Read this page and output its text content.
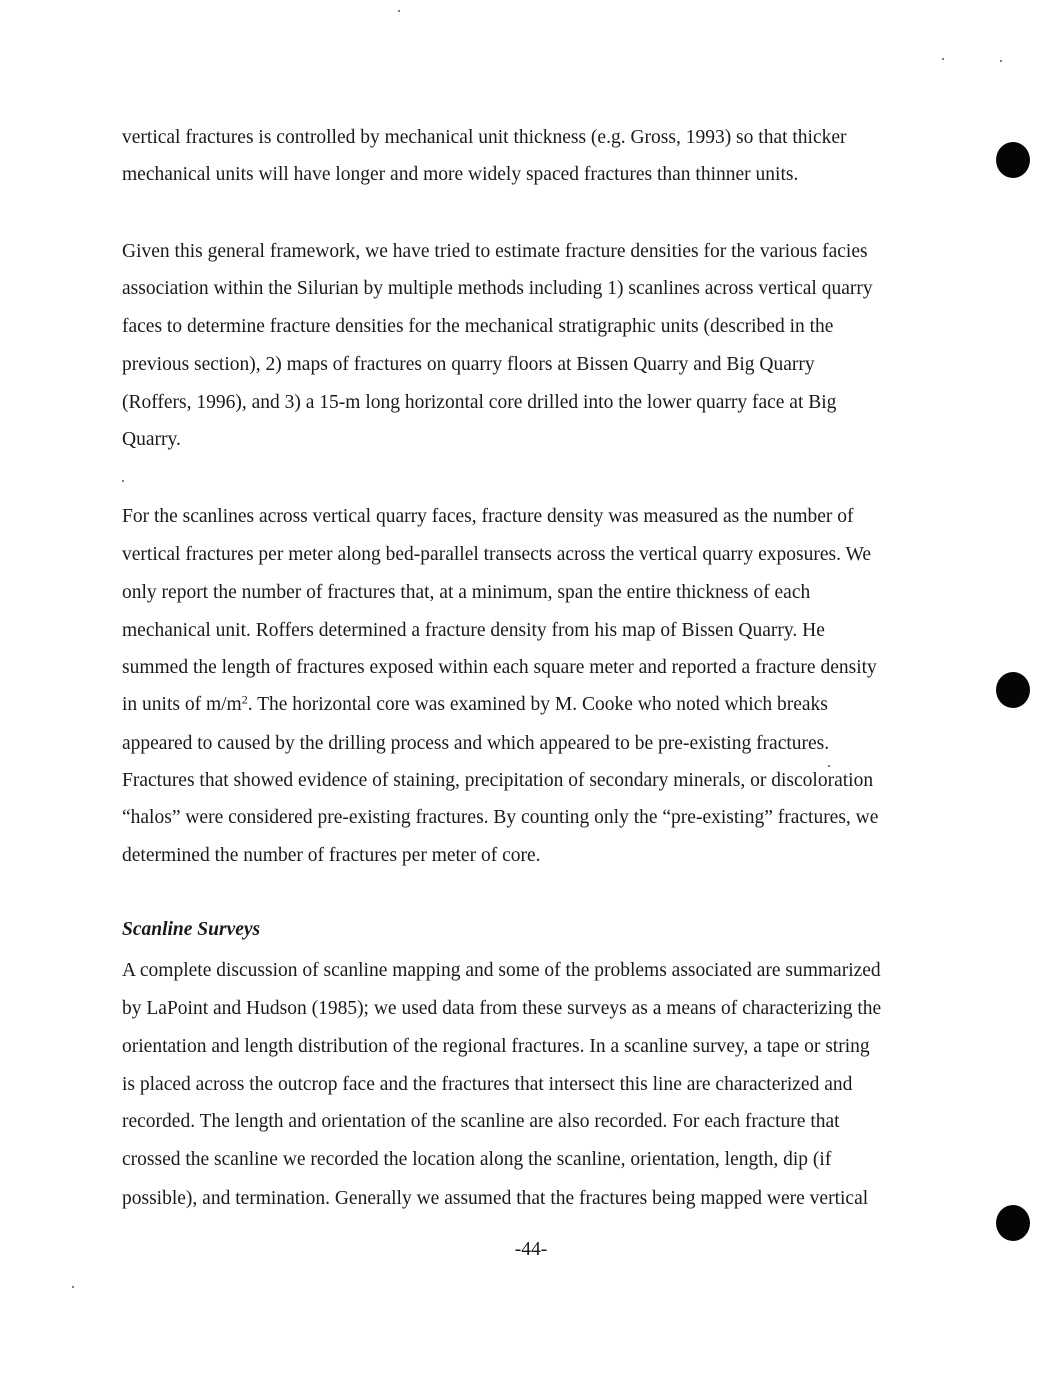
vertical fractures is controlled by mechanical unit thickness (e.g. Gross, 1993) so that thicker
mechanical units will have longer and more widely spaced fractures than thinner units.
Given this general framework, we have tried to estimate fracture densities for the various facies
association within the Silurian by multiple methods including 1) scanlines across vertical quarry
faces to determine fracture densities for the mechanical stratigraphic units (described in the
previous section), 2) maps of fractures on quarry floors at Bissen Quarry and Big Quarry
(Roffers, 1996), and 3) a 15-m long horizontal core drilled into the lower quarry face at Big
Quarry.
For the scanlines across vertical quarry faces, fracture density was measured as the number of
vertical fractures per meter along bed-parallel transects across the vertical quarry exposures. We
only report the number of fractures that, at a minimum, span the entire thickness of each
mechanical unit. Roffers determined a fracture density from his map of Bissen Quarry. He
summed the length of fractures exposed within each square meter and reported a fracture density
in units of $m/m^2$. The horizontal core was examined by M. Cooke who noted which breaks
appeared to caused by the drilling process and which appeared to be pre-existing fractures.
Fractures that showed evidence of staining, precipitation of secondary minerals, or discoloration
“halos” were considered pre-existing fractures. By counting only the “pre-existing” fractures, we
determined the number of fractures per meter of core.
Scanline Surveys
A complete discussion of scanline mapping and some of the problems associated are summarized
by LaPoint and Hudson (1985); we used data from these surveys as a means of characterizing the
orientation and length distribution of the regional fractures. In a scanline survey, a tape or string
is placed across the outcrop face and the fractures that intersect this line are characterized and
recorded. The length and orientation of the scanline are also recorded. For each fracture that
crossed the scanline we recorded the location along the scanline, orientation, length, dip (if
possible), and termination. Generally we assumed that the fractures being mapped were vertical
-44-
